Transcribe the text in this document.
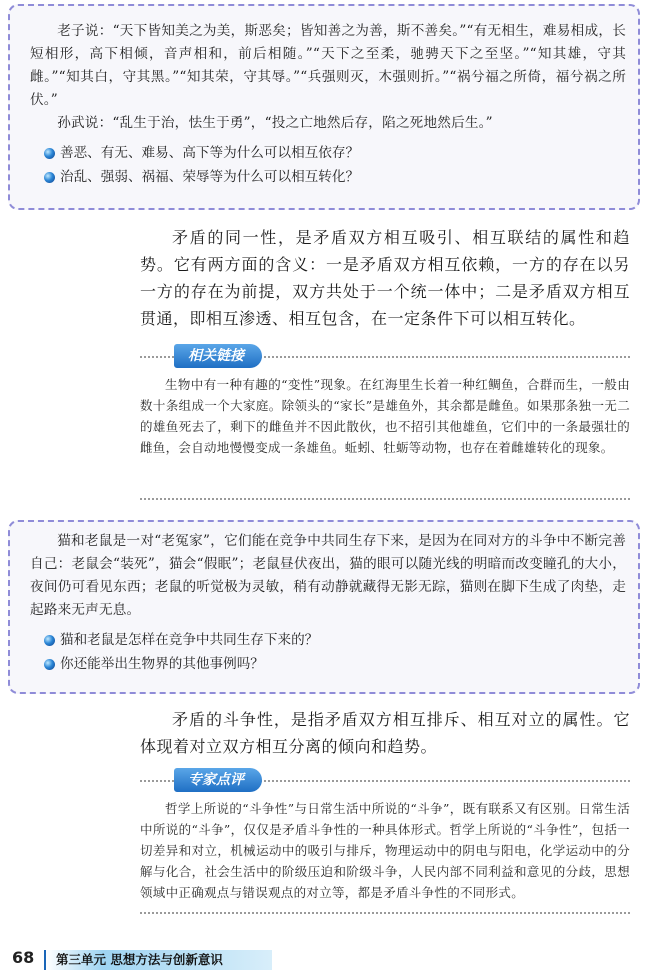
老子说：“天下皆知美之为美，斯恶矣；皆知善之为善，斯不善矣。”“有无相生，难易相成，长短相形，高下相倾，音声相和，前后相随。”“天下之至柔，驰骋天下之至坚。”“知其雄，守其雌。”“知其白，守其黑。”“知其荣，守其辱。”“兵强则灭，木强则折。”“祸兮福之所倚，福兮祸之所伏。”

孙武说：“乱生于治，怯生于勇”，“投之亡地然后存，陷之死地然后生。”

善恶、有无、难易、高下等为什么可以相互依存？

治乱、强弱、祸福、荣辱等为什么可以相互转化？

矛盾的同一性，是矛盾双方相互吸引、相互联结的属性和趋势。它有两方面的含义：一是矛盾双方相互依赖，一方的存在以另一方的存在为前提，双方共处于一个统一体中；二是矛盾双方相互贯通，即相互渗透、相互包含，在一定条件下可以相互转化。

相关链接

生物中有一种有趣的“变性”现象。在红海里生长着一种红鲷鱼，合群而生，一般由数十条组成一个大家庭。除领头的“家长”是雄鱼外，其余都是雌鱼。如果那条独一无二的雄鱼死去了，剩下的雌鱼并不因此散伙，也不招引其他雄鱼，它们中的一条最强壮的雌鱼，会自动地慢慢变成一条雄鱼。蚯蚓、牡蛎等动物，也存在着雌雄转化的现象。

猫和老鼠是一对“老冤家”，它们能在竞争中共同生存下来，是因为在同对方的斗争中不断完善自己：老鼠会“装死”，猫会“假眠”；老鼠昼伏夜出，猫的眼可以随光线的明暗而改变瞳孔的大小，夜间仍可看见东西；老鼠的听觉极为灵敏，稍有动静就藏得无影无踪，猫则在脚下生成了肉垫，走起路来无声无息。

猫和老鼠是怎样在竞争中共同生存下来的？

你还能举出生物界的其他事例吗？

矛盾的斗争性，是指矛盾双方相互排斥、相互对立的属性。它体现着对立双方相互分离的倾向和趋势。

专家点评

哲学上所说的“斗争性”与日常生活中所说的“斗争”，既有联系又有区别。日常生活中所说的“斗争”，仅仅是矛盾斗争性的一种具体形式。哲学上所说的“斗争性”，包括一切差异和对立，机械运动中的吸引与排斥，物理运动中的阴电与阳电，化学运动中的分解与化合，社会生活中的阶级压迫和阶级斗争，人民内部不同利益和意见的分歧，思想领域中正确观点与错误观点的对立等，都是矛盾斗争性的不同形式。

68 第三单元 思想方法与创新意识
